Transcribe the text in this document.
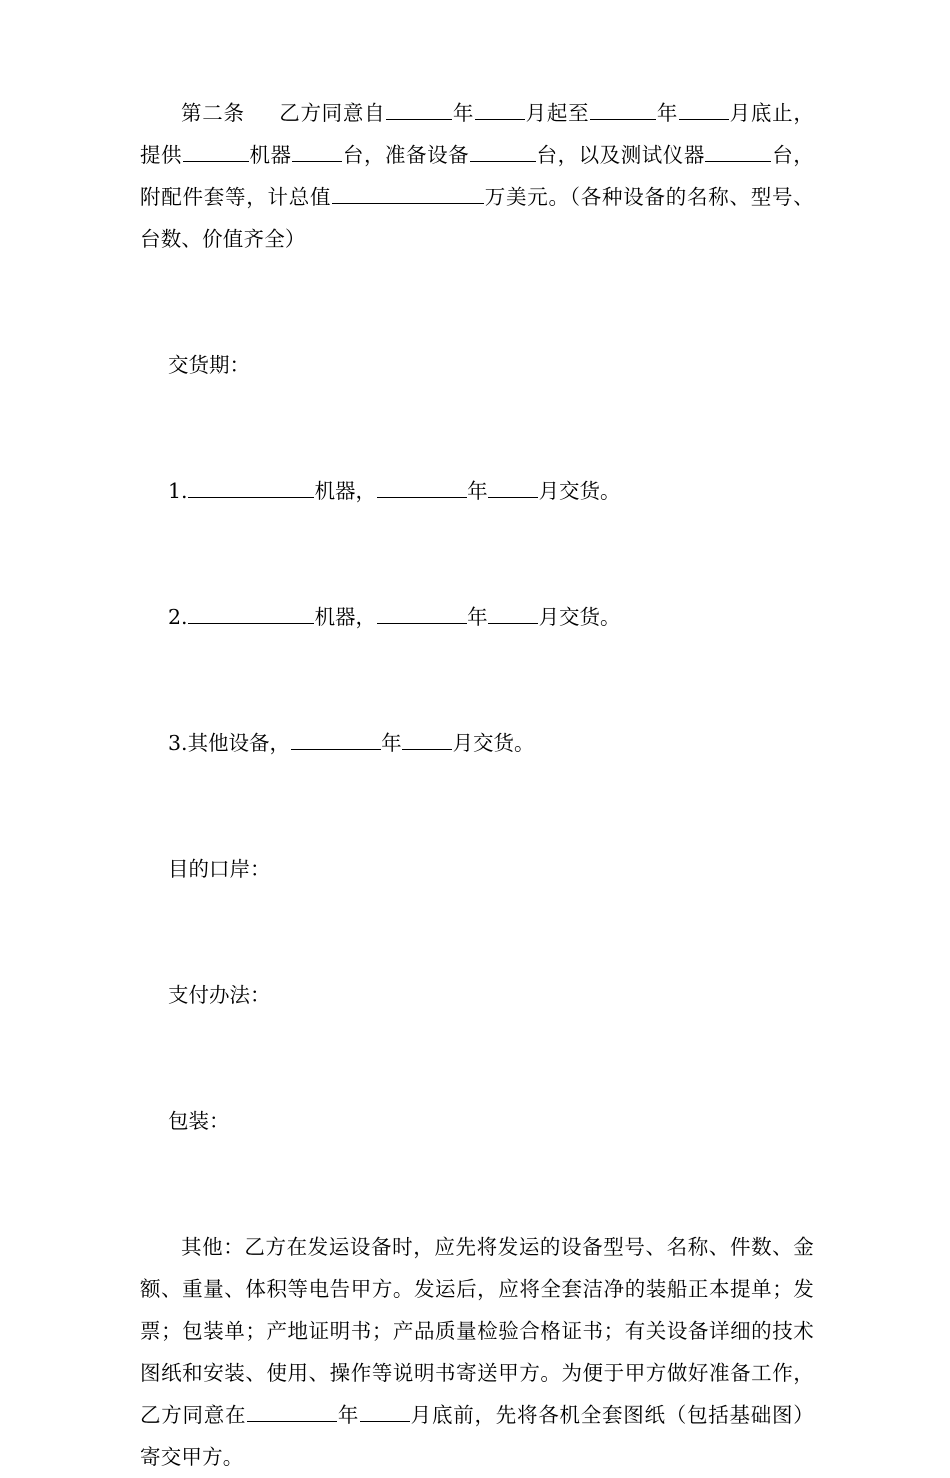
第二条 乙方同意自	年 月起至	年 月底止，提供	机器 台，准备设备	台，以及测试仪器	台，附配件套等，计总值	万美元。（各种设备的名称、型号、台数、价值齐全）

交货期：

1.	机器，	年 月交货。

2.	机器，	年 月交货。

3.其他设备，	年 月交货。

目的口岸：

支付办法：

包装：

其他：乙方在发运设备时，应先将发运的设备型号、名称、件数、金额、重量、体积等电告甲方。发运后，应将全套洁净的装船正本提单；发票；包装单；产地证明书；产品质量检验合格证书；有关设备详细的技术图纸和安装、使用、操作等说明书寄送甲方。为便于甲方做好准备工作，乙方同意在	年 月底前，先将各机全套图纸（包括基础图）寄交甲方。
